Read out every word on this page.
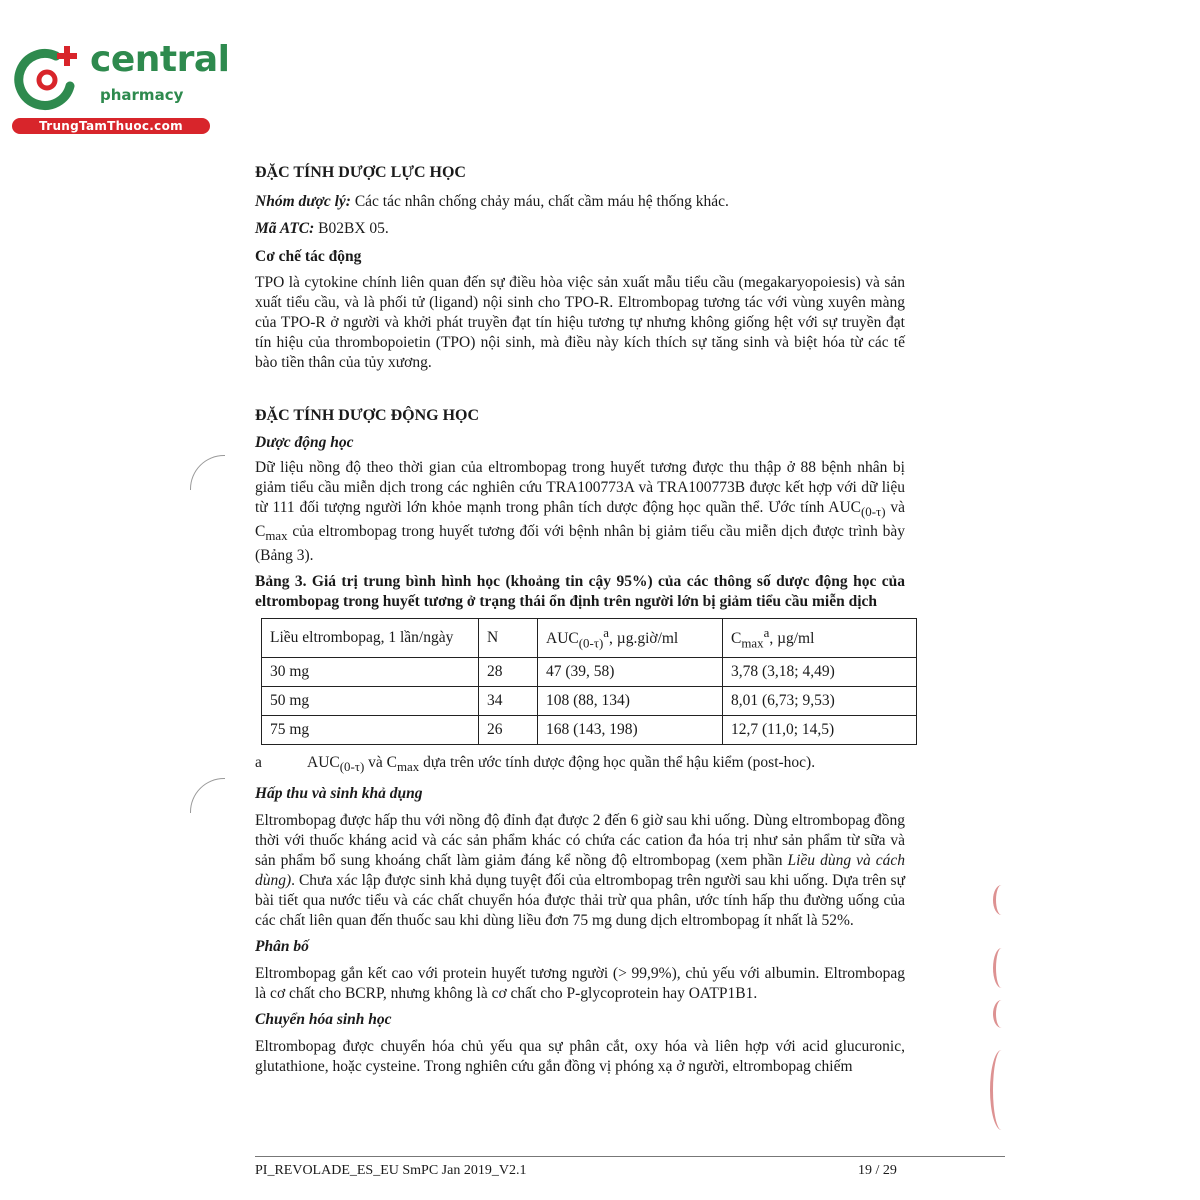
central
pharmacy
TrungTamThuoc.com
ĐẶC TÍNH DƯỢC LỰC HỌC

Nhóm dược lý: Các tác nhân chống chảy máu, chất cầm máu hệ thống khác.

Mã ATC: B02BX 05.

Cơ chế tác động

TPO là cytokine chính liên quan đến sự điều hòa việc sản xuất mẫu tiểu cầu (megakaryopoiesis) và sản xuất tiểu cầu, và là phối tử (ligand) nội sinh cho TPO-R. Eltrombopag tương tác với vùng xuyên màng của TPO-R ở người và khởi phát truyền đạt tín hiệu tương tự nhưng không giống hệt với sự truyền đạt tín hiệu của thrombopoietin (TPO) nội sinh, mà điều này kích thích sự tăng sinh và biệt hóa từ các tế bào tiền thân của tủy xương.

ĐẶC TÍNH DƯỢC ĐỘNG HỌC

Dược động học

Dữ liệu nồng độ theo thời gian của eltrombopag trong huyết tương được thu thập ở 88 bệnh nhân bị giảm tiểu cầu miễn dịch trong các nghiên cứu TRA100773A và TRA100773B được kết hợp với dữ liệu từ 111 đối tượng người lớn khỏe mạnh trong phân tích dược động học quần thể. Ước tính $AUC_{(0-\tau)}$ và $C_{max}$ của eltrombopag trong huyết tương đối với bệnh nhân bị giảm tiểu cầu miễn dịch được trình bày (Bảng 3).

Bảng 3. Giá trị trung bình hình học (khoảng tin cậy 95%) của các thông số dược động học của eltrombopag trong huyết tương ở trạng thái ổn định trên người lớn bị giảm tiểu cầu miễn dịch

Liều eltrombopag, 1 lần/ngày	N	$AUC_{(0-\tau)}^a$, µg.giờ/ml	$C_{max}^a$, µg/ml
30 mg	28	47 (39, 58)	3,78 (3,18; 4,49)
50 mg	34	108 (88, 134)	8,01 (6,73; 9,53)
75 mg	26	168 (143, 198)	12,7 (11,0; 14,5)

a	$AUC_{(0-\tau)}$ và $C_{max}$ dựa trên ước tính dược động học quần thể hậu kiểm (post-hoc).

Hấp thu và sinh khả dụng

Eltrombopag được hấp thu với nồng độ đỉnh đạt được 2 đến 6 giờ sau khi uống. Dùng eltrombopag đồng thời với thuốc kháng acid và các sản phẩm khác có chứa các cation đa hóa trị như sản phẩm từ sữa và sản phẩm bổ sung khoáng chất làm giảm đáng kể nồng độ eltrombopag (xem phần Liều dùng và cách dùng). Chưa xác lập được sinh khả dụng tuyệt đối của eltrombopag trên người sau khi uống. Dựa trên sự bài tiết qua nước tiểu và các chất chuyển hóa được thải trừ qua phân, ước tính hấp thu đường uống của các chất liên quan đến thuốc sau khi dùng liều đơn 75 mg dung dịch eltrombopag ít nhất là 52%.

Phân bố

Eltrombopag gắn kết cao với protein huyết tương người (> 99,9%), chủ yếu với albumin. Eltrombopag là cơ chất cho BCRP, nhưng không là cơ chất cho P-glycoprotein hay OATP1B1.

Chuyển hóa sinh học

Eltrombopag được chuyển hóa chủ yếu qua sự phân cắt, oxy hóa và liên hợp với acid glucuronic, glutathione, hoặc cysteine. Trong nghiên cứu gắn đồng vị phóng xạ ở người, eltrombopag chiếm

PI_REVOLADE_ES_EU SmPC Jan 2019_V2.1	19 / 29
